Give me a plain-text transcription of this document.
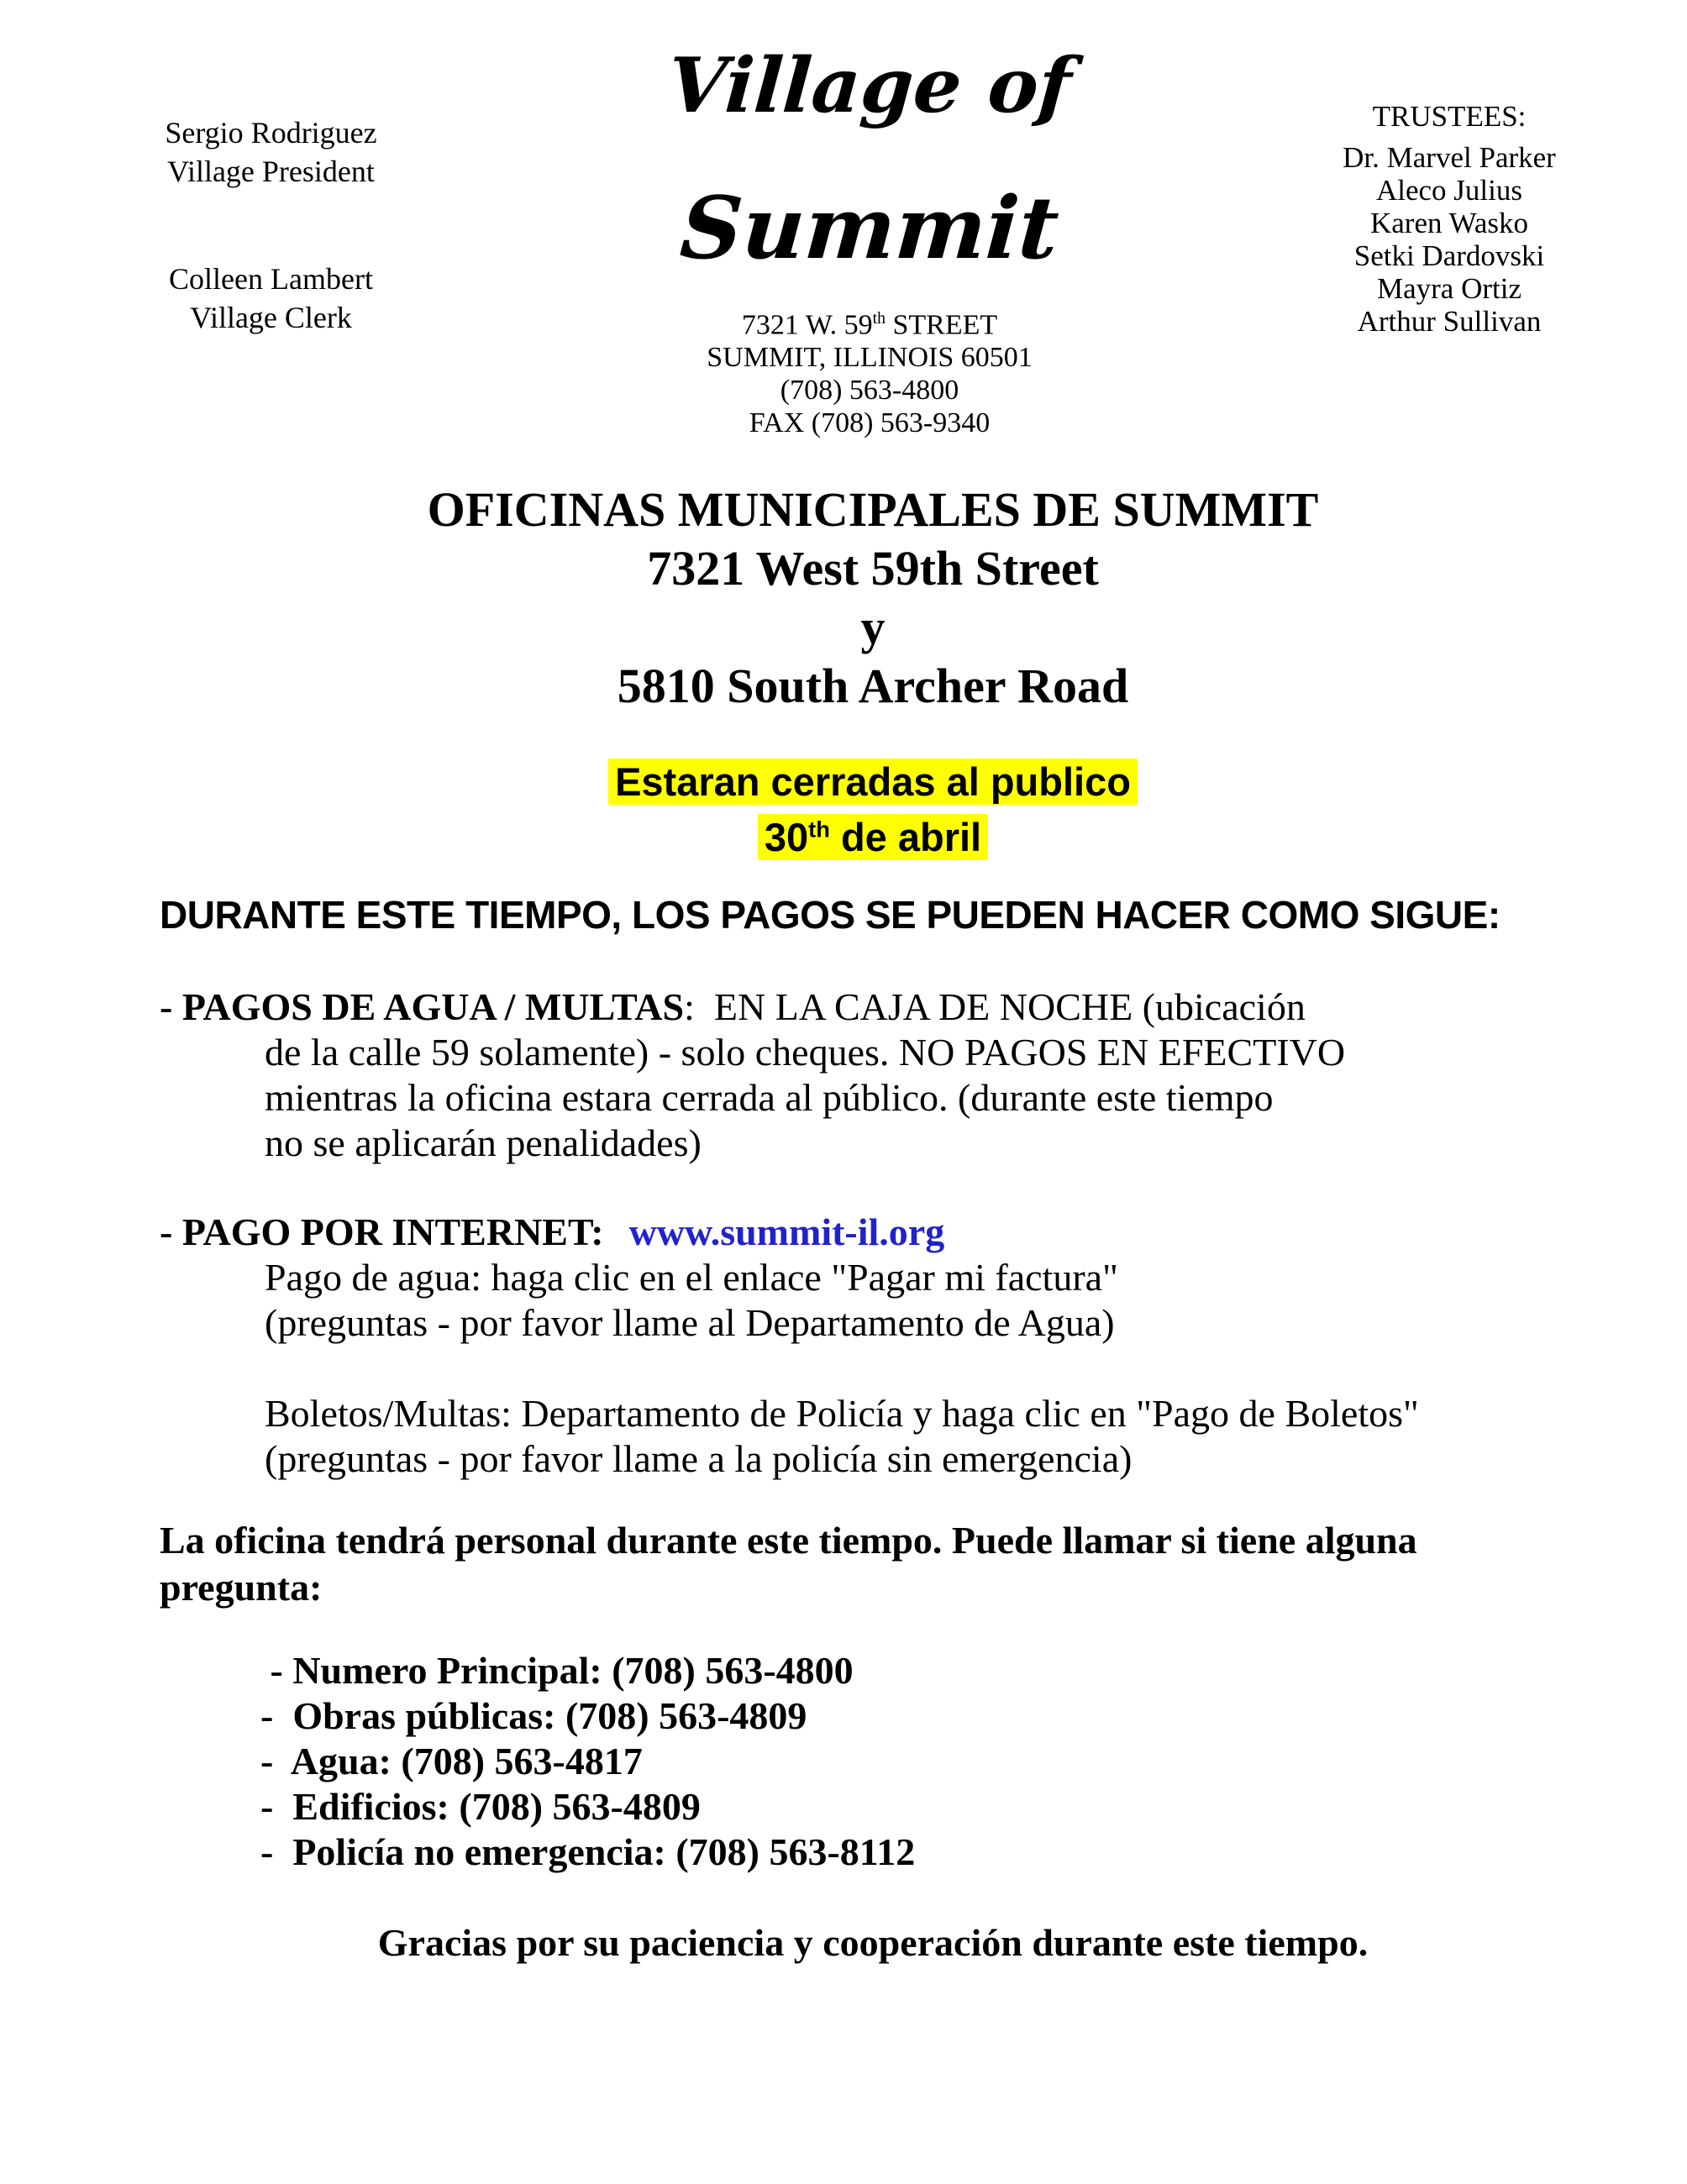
Sergio Rodriguez
Village President
Colleen Lambert
Village Clerk
Village of
Summit
7321 W. 59th STREET
SUMMIT, ILLINOIS 60501
(708) 563-4800
FAX (708) 563-9340
TRUSTEES:
Dr. Marvel Parker
Aleco Julius
Karen Wasko
Setki Dardovski
Mayra Ortiz
Arthur Sullivan
OFICINAS MUNICIPALES DE SUMMIT
7321 West 59th Street
y
5810 South Archer Road
Estaran cerradas al publico
30th de abril

DURANTE ESTE TIEMPO, LOS PAGOS SE PUEDEN HACER COMO SIGUE:

- PAGOS DE AGUA / MULTAS:  EN LA CAJA DE NOCHE (ubicación
de la calle 59 solamente) - solo cheques. NO PAGOS EN EFECTIVO
mientras la oficina estara cerrada al público. (durante este tiempo
no se aplicarán penalidades)
- PAGO POR INTERNET: www.summit-il.org
Pago de agua: haga clic en el enlace "Pagar mi factura"
(preguntas - por favor llame al Departamento de Agua)
Boletos/Multas: Departamento de Policía y haga clic en "Pago de Boletos"
(preguntas - por favor llame a la policía sin emergencia)
La oficina tendrá personal durante este tiempo. Puede llamar si tiene alguna
pregunta:
- Numero Principal: (708) 563-4800
-  Obras públicas: (708) 563-4809
-  Agua: (708) 563-4817
-  Edificios: (708) 563-4809
-  Policía no emergencia: (708) 563-8112

Gracias por su paciencia y cooperación durante este tiempo.
